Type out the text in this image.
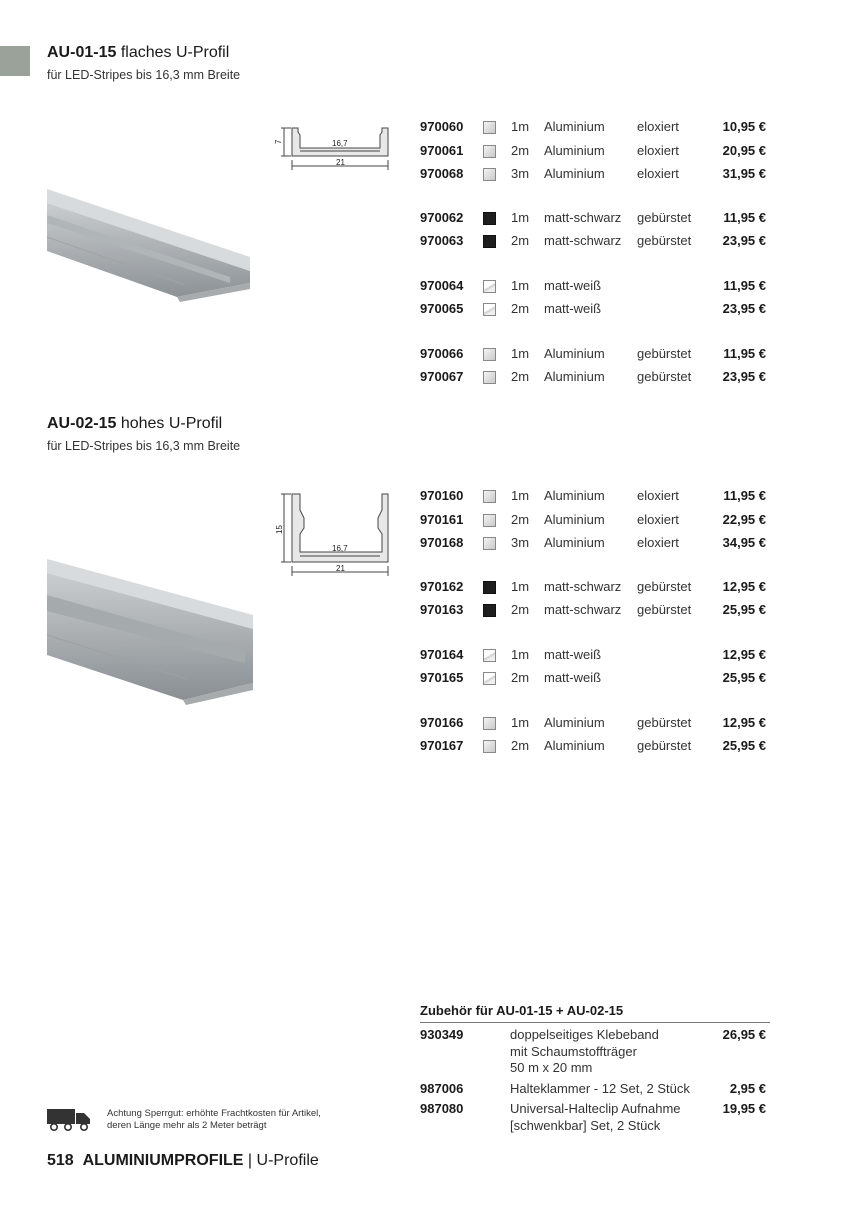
AU-01-15 flaches U-Profil
für LED-Stripes bis 16,3 mm Breite
7	16,7
21
970060	1m Aluminium eloxiert	10,95 €
970061	2m Aluminium eloxiert	20,95 €
970068	3m Aluminium eloxiert	31,95 €
970062	1m matt-schwarz gebürstet 11,95 €
970063	2m matt-schwarz gebürstet 23,95 €
970064	1m matt-weiß	11,95 €
970065	2m matt-weiß	23,95 €
970066	1m Aluminium gebürstet 11,95 €
970067	2m Aluminium gebürstet 23,95 €
AU-02-15 hohes U-Profil
für LED-Stripes bis 16,3 mm Breite
15
16,7
21
970160	1m Aluminium eloxiert	11,95 €
970161	2m Aluminium eloxiert	22,95 €
970168	3m Aluminium eloxiert	34,95 €
970162	1m matt-schwarz gebürstet 12,95 €
970163	2m matt-schwarz gebürstet 25,95 €
970164	1m matt-weiß	12,95 €
970165	2m matt-weiß	25,95 €
970166	1m Aluminium gebürstet 12,95 €
970167	2m Aluminium gebürstet 25,95 €
Zubehör für AU-01-15 + AU-02-15
930349	doppelseitiges Klebeband
mit Schaumstoffträger
50 m x 20 mm
26,95 €
987006	Halteklammer - 12 Set, 2 Stück	2,95 €
987080	Universal-Halteclip Aufnahme
[schwenkbar] Set, 2 Stück
19,95 €
Achtung Sperrgut: erhöhte Frachtkosten für Artikel,
deren Länge mehr als 2 Meter beträgt
518 ALUMINIUMPROFILE | U-Profile
